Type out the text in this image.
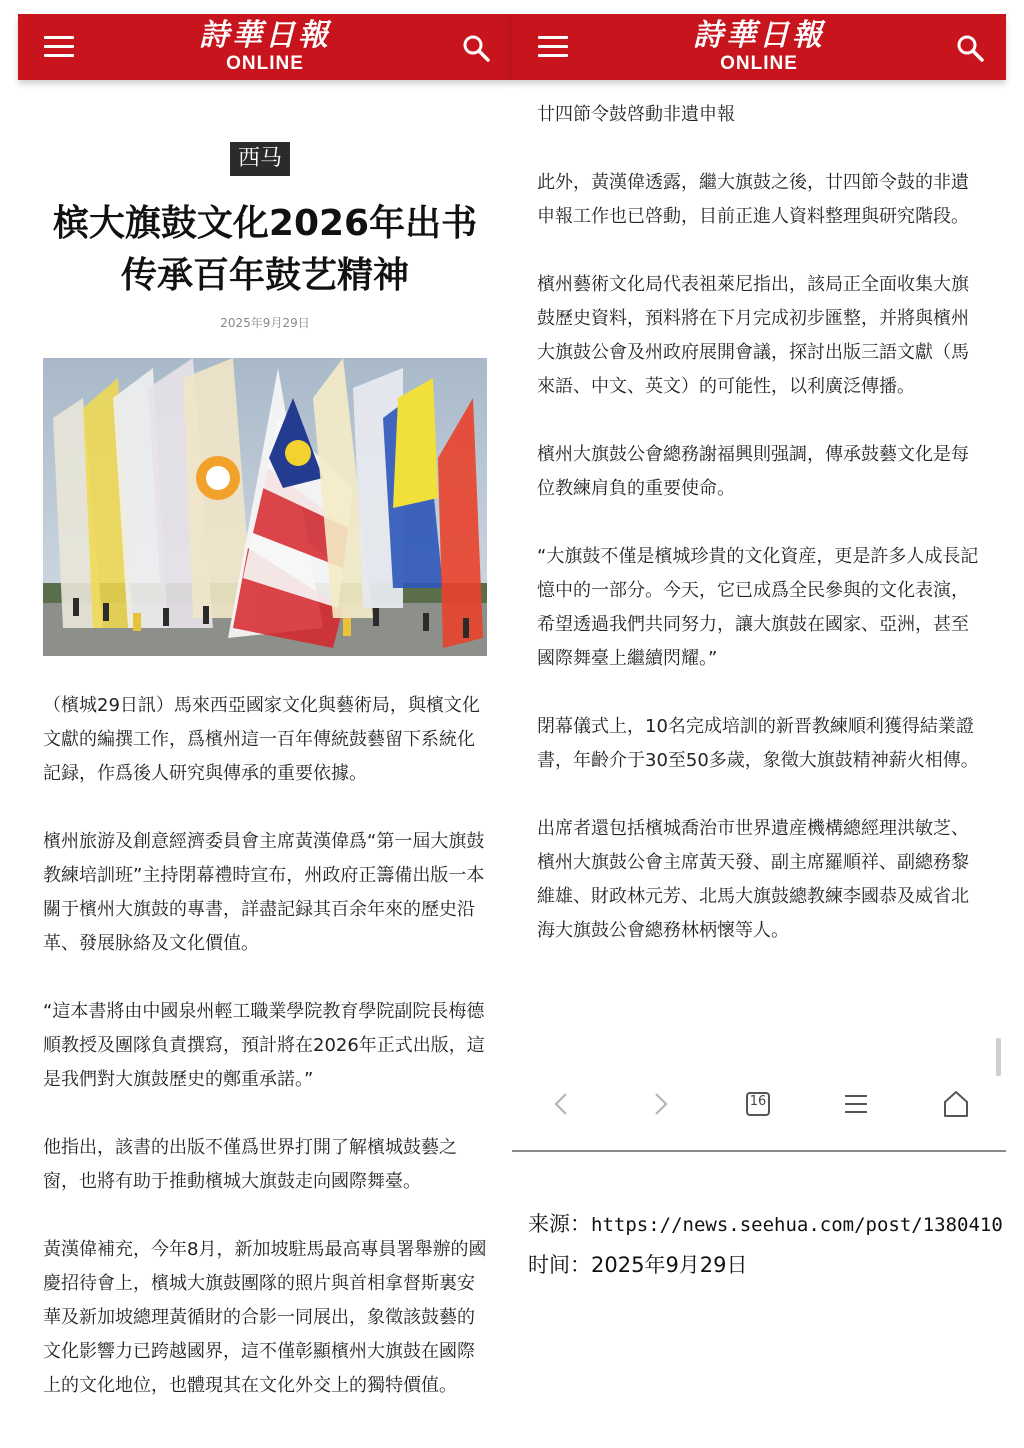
詩華日報
ONLINE
西马
槟大旗鼓文化2026年出书　传承百年鼓艺精神
2025年9月29日

（檳城29日訊）馬來西亞國家文化與藝術局，與檳文化文獻的編撰工作，爲檳州這一百年傳統鼓藝留下系統化記録，作爲後人研究與傳承的重要依據。

檳州旅游及創意經濟委員會主席黃漢偉爲“第一屆大旗鼓教練培訓班”主持閉幕禮時宣布，州政府正籌備出版一本關于檳州大旗鼓的專書，詳盡記録其百余年來的歷史沿革、發展脉絡及文化價值。

“這本書將由中國泉州輕工職業學院教育學院副院長梅德順教授及團隊負責撰寫，預計將在2026年正式出版，這是我們對大旗鼓歷史的鄭重承諾。”

他指出，該書的出版不僅爲世界打開了解檳城鼓藝之窗，也將有助于推動檳城大旗鼓走向國際舞臺。

黃漢偉補充，今年8月，新加坡駐馬最高專員署舉辦的國慶招待會上，檳城大旗鼓團隊的照片與首相拿督斯裏安華及新加坡總理黃循財的合影一同展出，象徵該鼓藝的文化影響力已跨越國界，這不僅彰顯檳州大旗鼓在國際上的文化地位，也體現其在文化外交上的獨特價值。

詩華日報
ONLINE

廿四節令鼓啓動非遺申報

此外，黃漢偉透露，繼大旗鼓之後，廿四節令鼓的非遺申報工作也已啓動，目前正進人資料整理與研究階段。

檳州藝術文化局代表祖萊尼指出，該局正全面收集大旗鼓歷史資料，預料將在下月完成初步匯整，并將與檳州大旗鼓公會及州政府展開會議，探討出版三語文獻（馬來語、中文、英文）的可能性，以利廣泛傳播。

檳州大旗鼓公會總務謝福興則强調，傳承鼓藝文化是每位教練肩負的重要使命。

“大旗鼓不僅是檳城珍貴的文化資産，更是許多人成長記憶中的一部分。今天，它已成爲全民參與的文化表演，希望透過我們共同努力，讓大旗鼓在國家、亞洲，甚至國際舞臺上繼續閃耀。”

閉幕儀式上，10名完成培訓的新晋教練順利獲得結業證書，年齡介于30至50多歲，象徵大旗鼓精神薪火相傳。

出席者還包括檳城喬治市世界遺産機構總經理洪敏芝、檳州大旗鼓公會主席黃天發、副主席羅順祥、副總務黎維雄、財政林元芳、北馬大旗鼓總教練李國恭及威省北海大旗鼓公會總務林柄懷等人。

16
来源：https://news.seehua.com/post/1380410
时间：2025年9月29日
